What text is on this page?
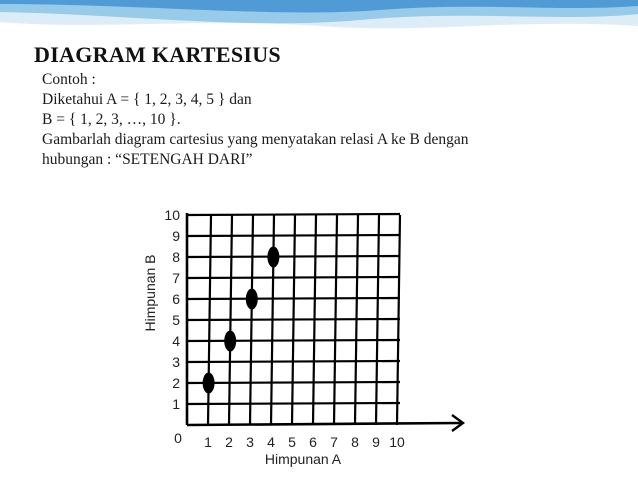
DIAGRAM KARTESIUS
Contoh :
Diketahui A = { 1, 2, 3, 4, 5 } dan
B = { 1, 2, 3, …, 10 }.
Gambarlah diagram cartesius yang menyatakan relasi A ke B dengan
hubungan : “SETENGAH DARI”
1 2 3 4 5 6 7 8 9 10
1
2
3
4
5
6
7
8
9
10
Himpunan A
Himpunan B
0
